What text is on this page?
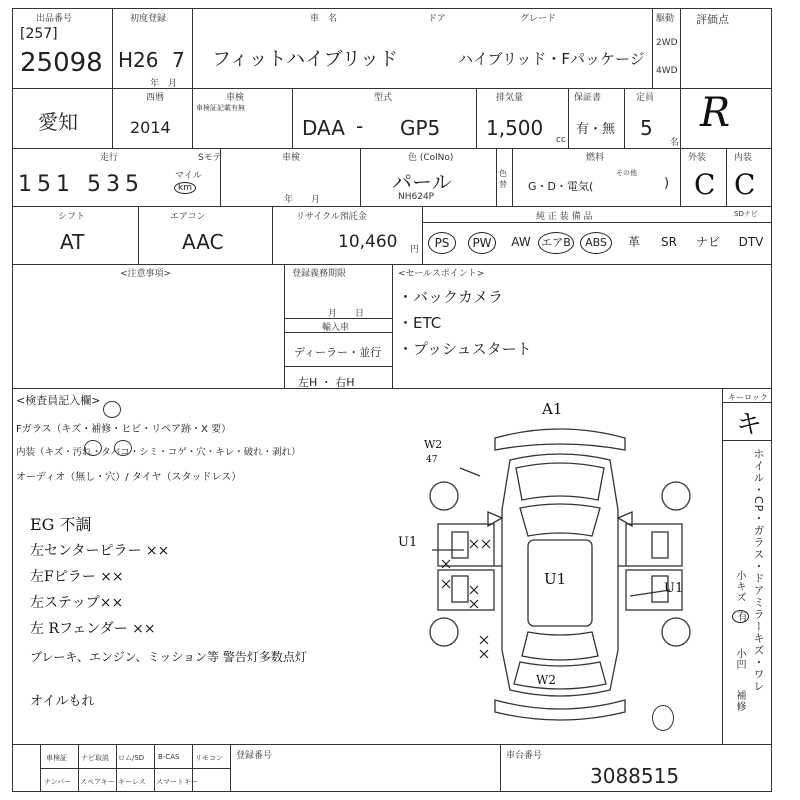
出品番号
[257]
25098
初度登録
H26 7
年　月
車　名	ドア	グレード
フィットハイブリッド	ハイブリッド・Fパッケージ
駆動
2WD
4WD
評価点
R
愛知
西暦
2014
車検
車検証記載有無
型式
DAA - GP5
排気量
1,500 cc
保証書
有・無
定員
5
名
走行	Sモデ
151 535	マイル
km
車検
年　　月
色 (ColNo)
パール
NH624P
色替
燃料
G・D・電気(
その他
)
外装
C
内装
C
シフト
AT
エアコン
AAC
リサイクル預託金
10,460 円
純 正 装 備 品	SDナビ
PS	PW	AW エアB	ABS	革	SR	ナビ	DTV
<注意事項>	登録義務期限
月　　日
輸入車
ディーラー・並行
左H ・ 右H
<セールスポイント>
・バックカメラ
・ETC
・プッシュスタート
<検査員記入欄>
Fガラス（キズ・補修・ヒビ・リペア跡・X 要）
内装（キズ・汚れ・タバコ・シミ・コゲ・穴・キレ・破れ・剥れ）
オーディオ（無し・穴）/ タイヤ（スタッドレス）
EG 不調
左センターピラー ××
左Fピラー ××
左ステップ××
左 Rフェンダー ××
ブレーキ、エンジン、ミッション等 警告灯多数点灯
オイルもれ
A1
W2
47
U1
U1
U1
W2
キーロック
キ
ホイル・CP・ガラス・ドアミラーキズ・ワレ
小キズ
有
小凹
補修
車検証 ナビ取説 ロム/SD B-CAS リモコン
ナンバー スペアキー キーレス スマートキー
登録番号	車台番号
3088515
